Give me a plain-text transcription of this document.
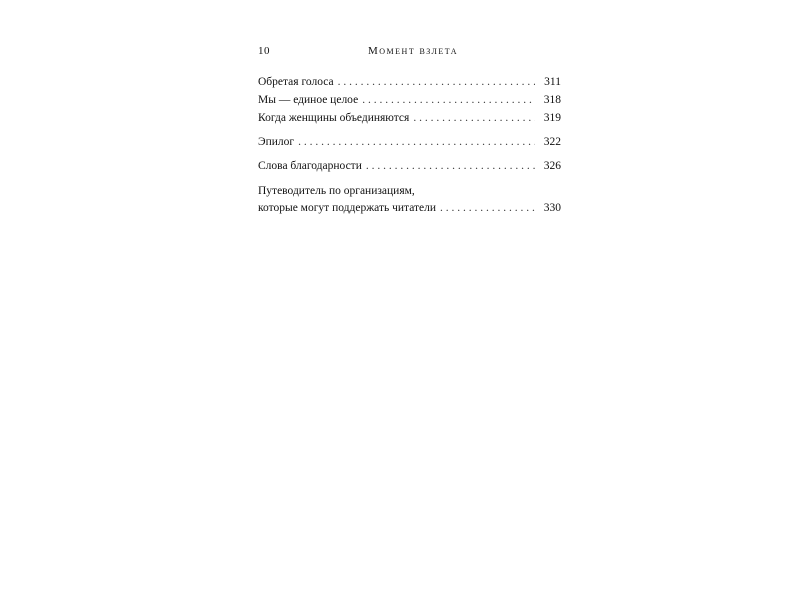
10	Момент взлета
Обретая голоса . . .	311
Мы — единое целое . . .	318
Когда женщины объединяются . . .	319
Эпилог . . .	322
Слова благодарности . . .	326
Путеводитель по организациям,
которые могут поддержать читатели . . .	330
